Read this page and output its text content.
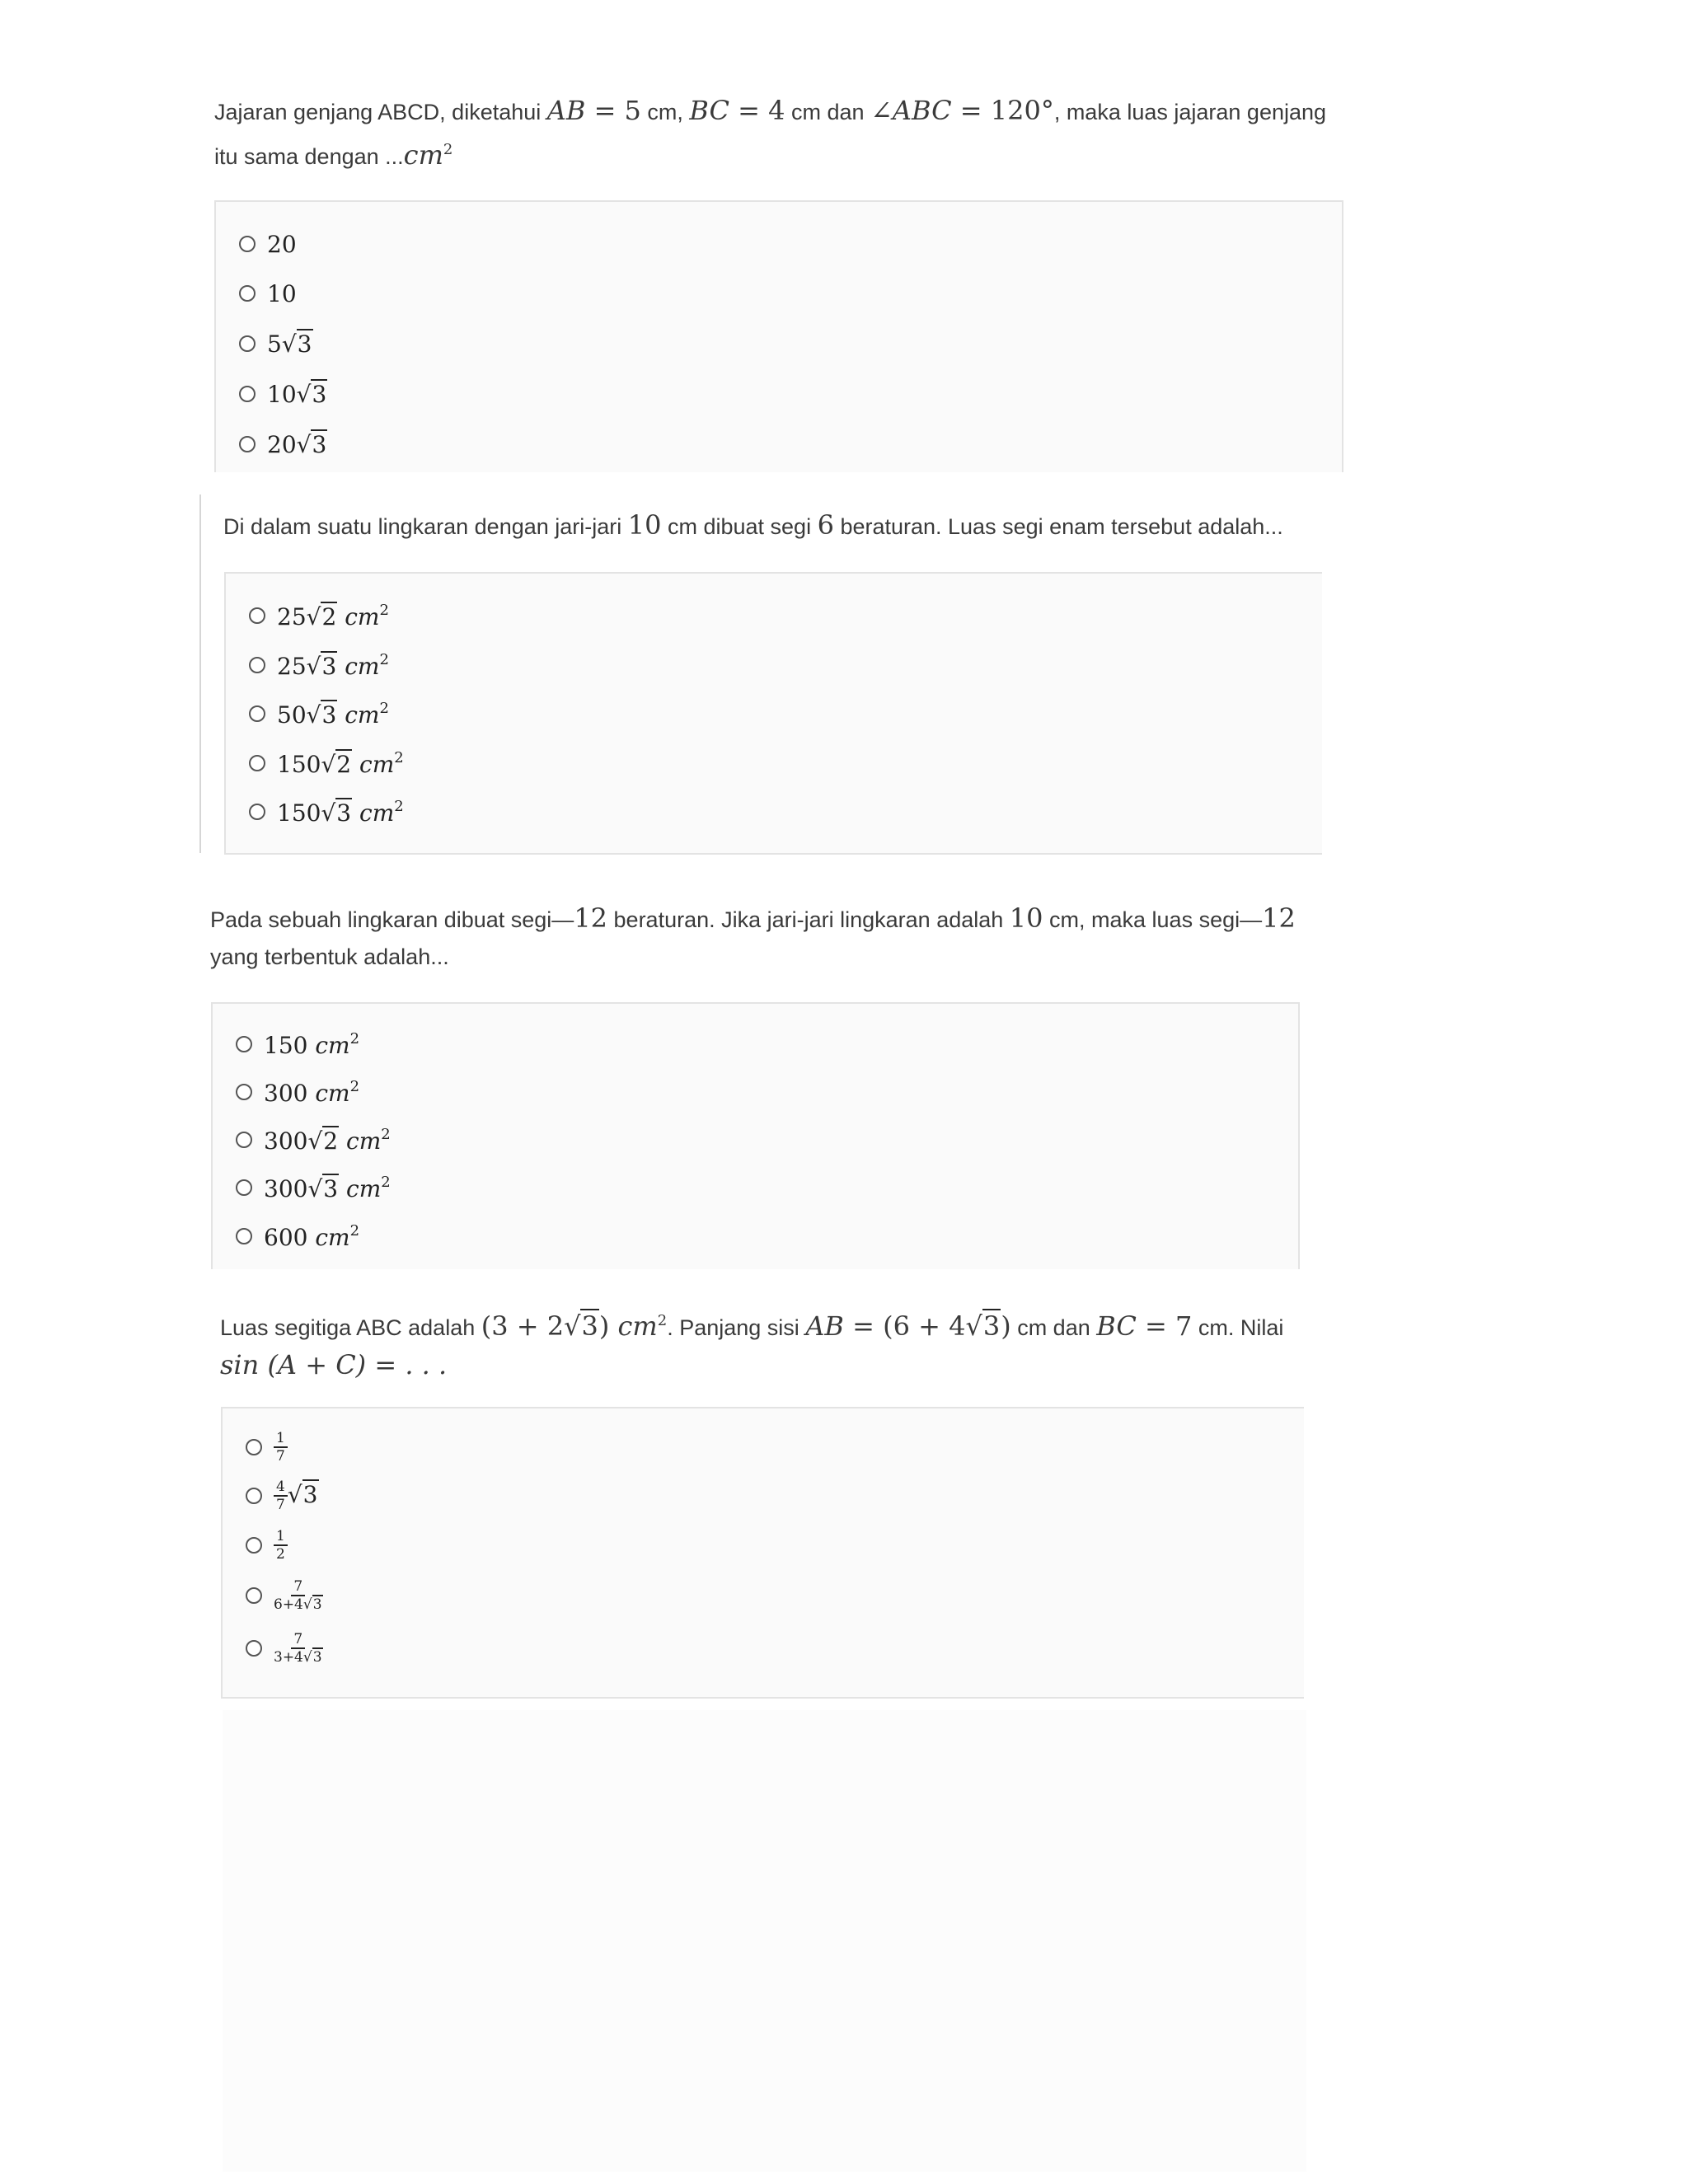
Jajaran genjang ABCD, diketahui AB = 5 cm, BC = 4 cm dan ∠ABC = 120°, maka luas jajaran genjang
itu sama dengan $...cm^2$
20
10
5√3
10√3
20√3
Di dalam suatu lingkaran dengan jari-jari 10 cm dibuat segi 6 beraturan. Luas segi enam tersebut adalah...
25√2 $cm^2$
25√3 $cm^2$
50√3 $cm^2$
150√2 $cm^2$
150√3 $cm^2$
Pada sebuah lingkaran dibuat segi—12 beraturan. Jika jari-jari lingkaran adalah 10 cm, maka luas segi—12
yang terbentuk adalah...
150 $cm^2$
300 $cm^2$
300√2 $cm^2$
300√3 $cm^2$
600 $cm^2$
Luas segitiga ABC adalah (3 + 2√3) $cm^2$. Panjang sisi AB = (6 + 4√3) cm dan BC = 7 cm. Nilai
sin (A + C) = . . .
$\frac{1}{7}$
$\frac{4}{7} √3$
$\frac{1}{2}$
$\frac{7}{6+4√3}$
$\frac{7}{3+4√3}$
